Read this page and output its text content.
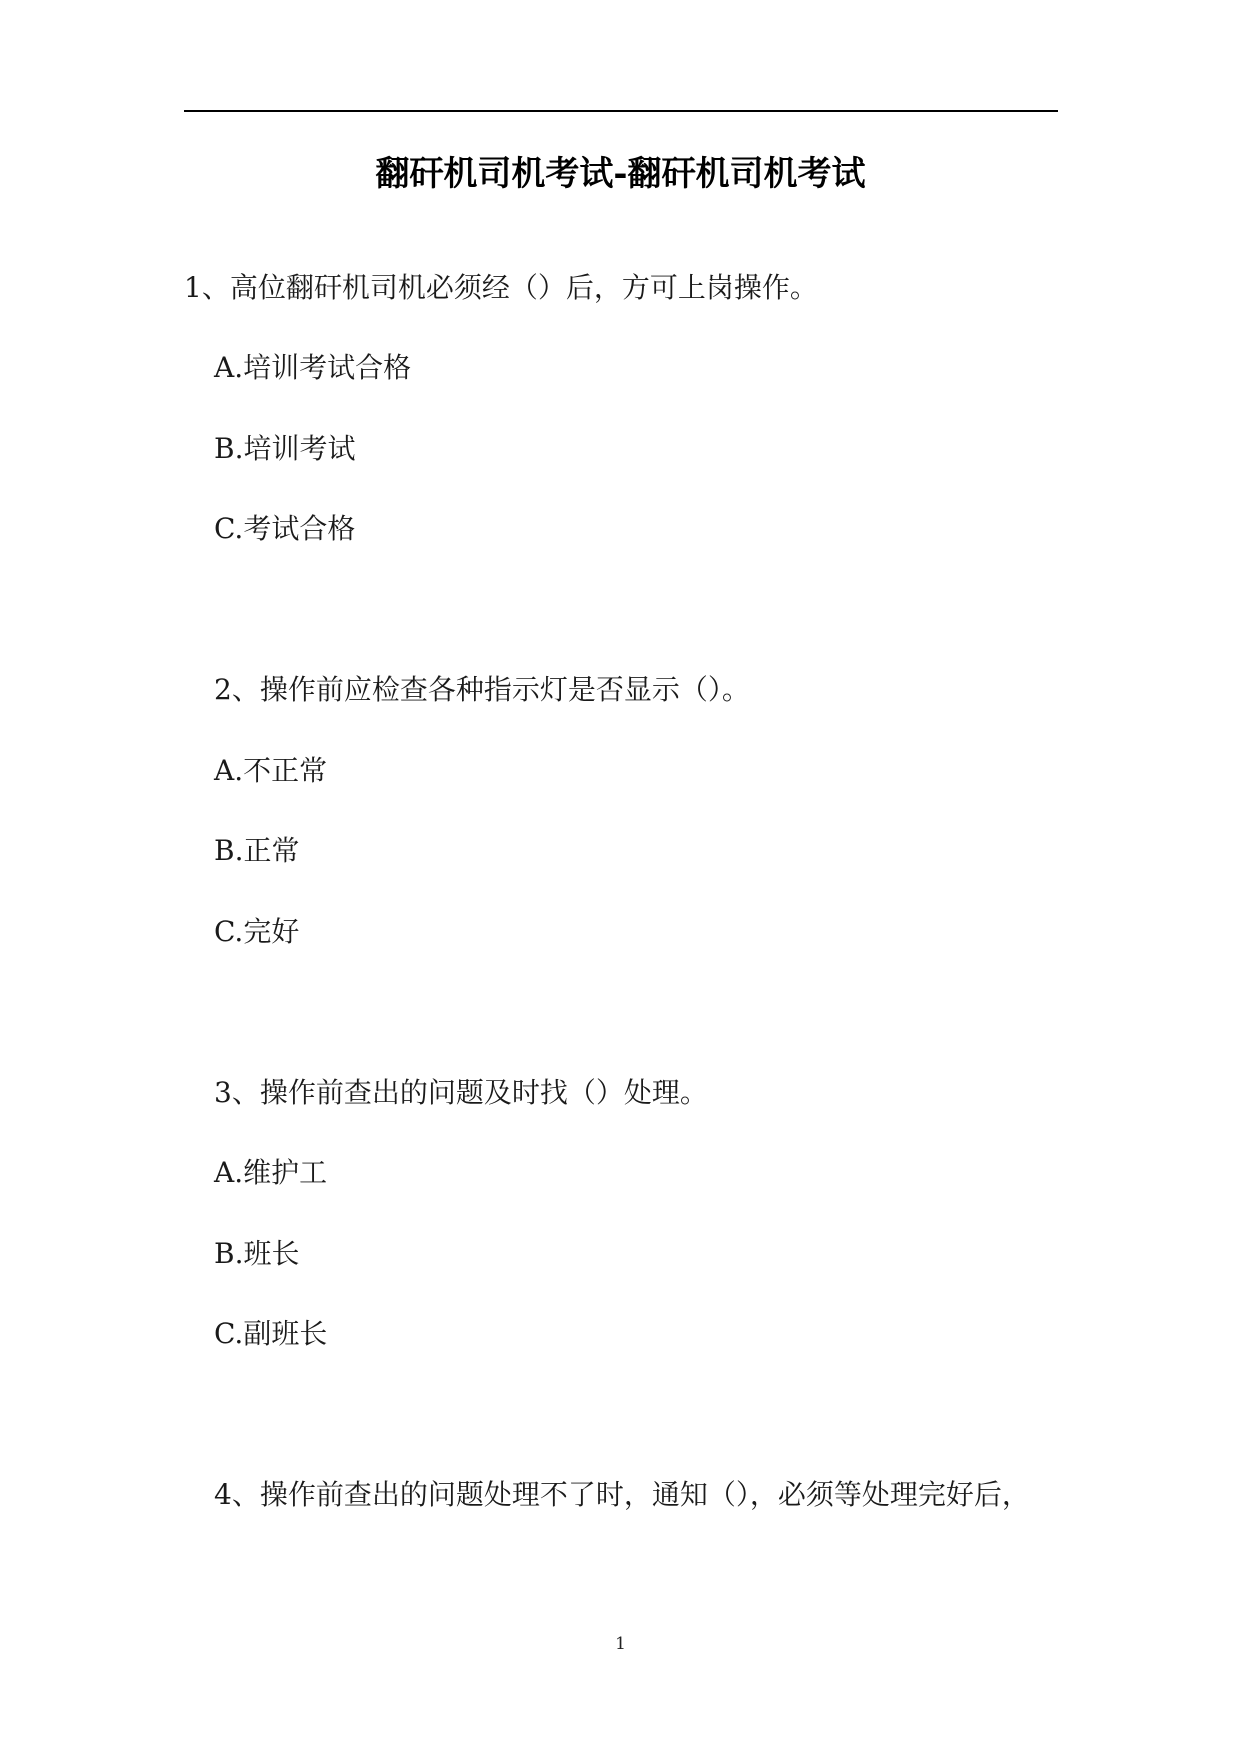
翻矸机司机考试-翻矸机司机考试

1、高位翻矸机司机必须经（）后，方可上岗操作。

A.培训考试合格

B.培训考试

C.考试合格

2、操作前应检查各种指示灯是否显示（）。

A.不正常

B.正常

C.完好

3、操作前查出的问题及时找（）处理。

A.维护工

B.班长

C.副班长

4、操作前查出的问题处理不了时，通知（），必须等处理完好后，

1
